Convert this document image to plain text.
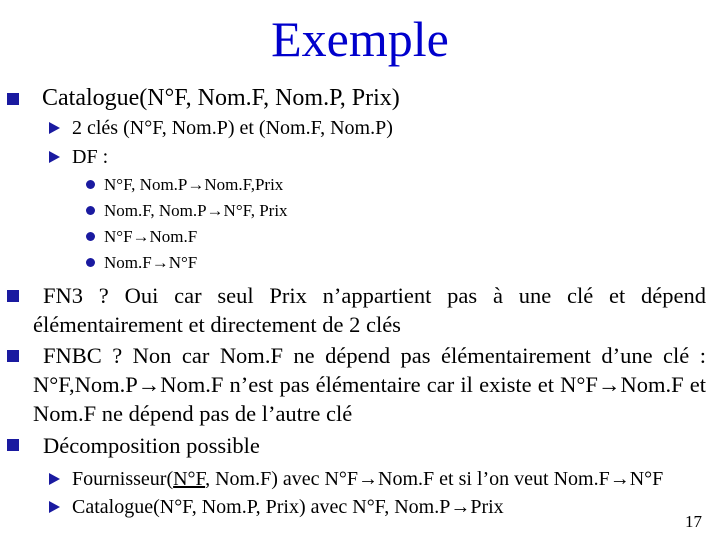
Exemple
Catalogue(N°F, Nom.F, Nom.P, Prix)
2 clés (N°F, Nom.P) et (Nom.F, Nom.P)
DF :
N°F, Nom.P→Nom.F,Prix
Nom.F, Nom.P→N°F, Prix
N°F→Nom.F
Nom.F→N°F
FN3 ? Oui car seul Prix n’appartient pas à une clé et dépend élémentairement et directement de 2 clés
FNBC ? Non car Nom.F ne dépend pas élémentairement d’une clé : N°F,Nom.P→Nom.F n’est pas élémentaire car il existe et N°F→Nom.F et Nom.F ne dépend pas de l’autre clé
Décomposition possible
Fournisseur(N°F, Nom.F) avec N°F→Nom.F et si l’on veut Nom.F→N°F
Catalogue(N°F, Nom.P, Prix) avec N°F, Nom.P→Prix
17
